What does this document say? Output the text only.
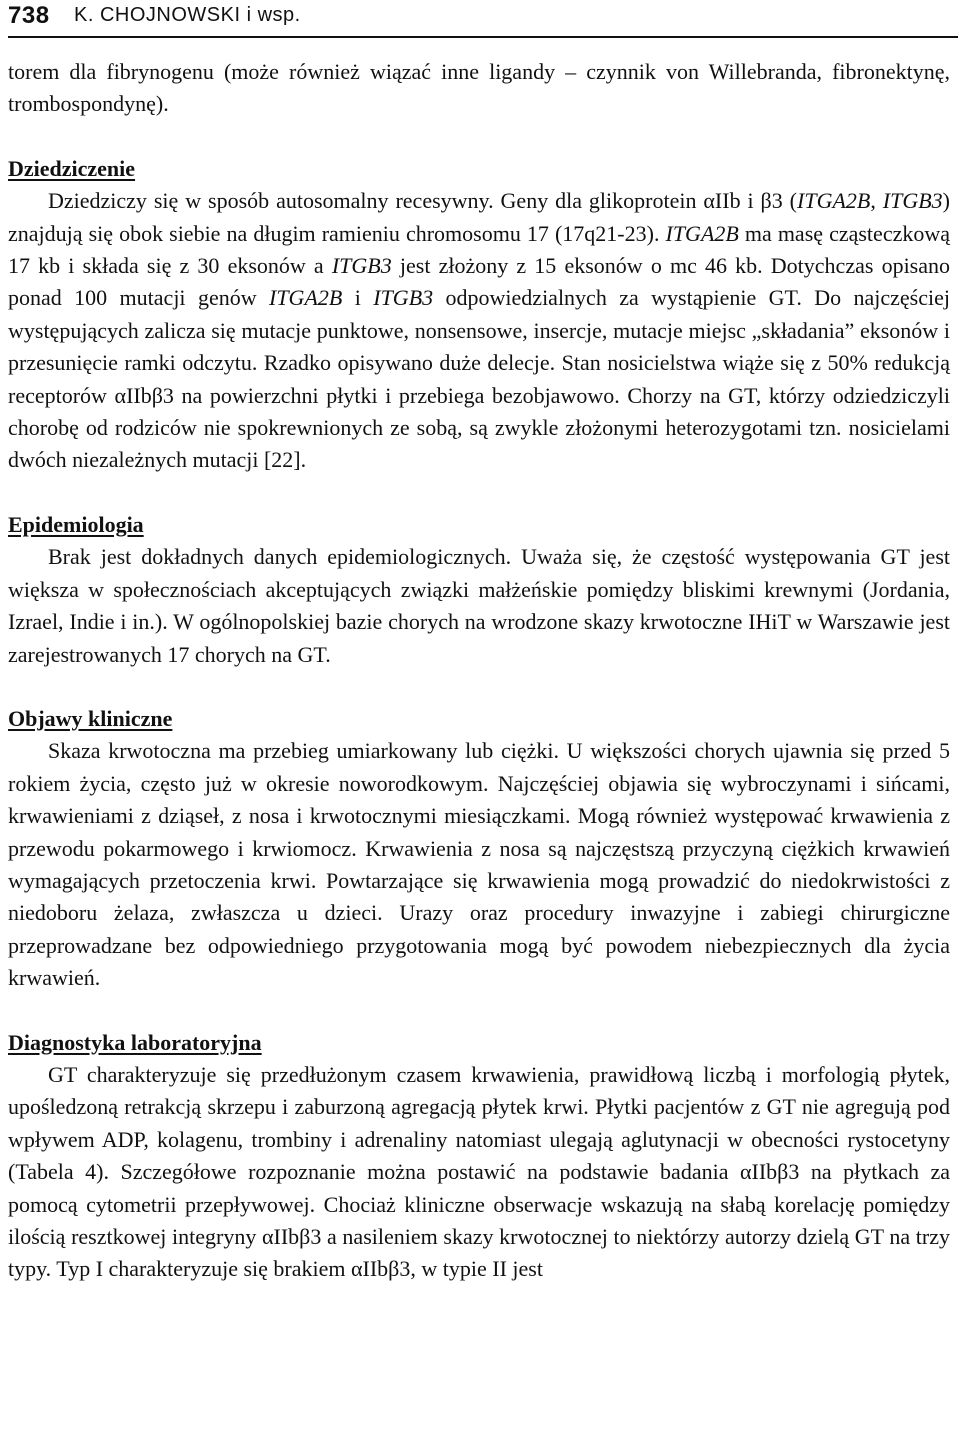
738 K. CHOJNOWSKI i wsp.

torem dla fibrynogenu (może również wiązać inne ligandy – czynnik von Willebranda, fibronektynę, trombospondynę).

Dziedziczenie

Dziedziczy się w sposób autosomalny recesywny. Geny dla glikoprotein αIIb i β3 (ITGA2B, ITGB3) znajdują się obok siebie na długim ramieniu chromosomu 17 (17q21-23). ITGA2B ma masę cząsteczkową 17 kb i składa się z 30 eksonów a ITGB3 jest złożony z 15 eksonów o mc 46 kb. Dotychczas opisano ponad 100 mutacji genów ITGA2B i ITGB3 odpowiedzialnych za wystąpienie GT. Do najczęściej występujących zalicza się mutacje punktowe, nonsensowe, insercje, mutacje miejsc „składania” eksonów i przesunięcie ramki odczytu. Rzadko opisywano duże delecje. Stan nosicielstwa wiąże się z 50% redukcją receptorów αIIbβ3 na powierzchni płytki i przebiega bezobjawowo. Chorzy na GT, którzy odziedziczyli chorobę od rodziców nie spokrewnionych ze sobą, są zwykle złożonymi heterozygotami tzn. nosicielami dwóch niezależnych mutacji [22].

Epidemiologia

Brak jest dokładnych danych epidemiologicznych. Uważa się, że częstość występowania GT jest większa w społecznościach akceptujących związki małżeńskie pomiędzy bliskimi krewnymi (Jordania, Izrael, Indie i in.). W ogólnopolskiej bazie chorych na wrodzone skazy krwotoczne IHiT w Warszawie jest zarejestrowanych 17 chorych na GT.

Objawy kliniczne

Skaza krwotoczna ma przebieg umiarkowany lub ciężki. U większości chorych ujawnia się przed 5 rokiem życia, często już w okresie noworodkowym. Najczęściej objawia się wybroczynami i sińcami, krwawieniami z dziąseł, z nosa i krwotocznymi miesiączkami. Mogą również występować krwawienia z przewodu pokarmowego i krwiomocz. Krwawienia z nosa są najczęstszą przyczyną ciężkich krwawień wymagających przetoczenia krwi. Powtarzające się krwawienia mogą prowadzić do niedokrwistości z niedoboru żelaza, zwłaszcza u dzieci. Urazy oraz procedury inwazyjne i zabiegi chirurgiczne przeprowadzane bez odpowiedniego przygotowania mogą być powodem niebezpiecznych dla życia krwawień.

Diagnostyka laboratoryjna

GT charakteryzuje się przedłużonym czasem krwawienia, prawidłową liczbą i morfologią płytek, upośledzoną retrakcją skrzepu i zaburzoną agregacją płytek krwi. Płytki pacjentów z GT nie agregują pod wpływem ADP, kolagenu, trombiny i adrenaliny natomiast ulegają aglutynacji w obecności rystocetyny (Tabela 4). Szczegółowe rozpoznanie można postawić na podstawie badania αIIbβ3 na płytkach za pomocą cytometrii przepływowej. Chociaż kliniczne obserwacje wskazują na słabą korelację pomiędzy ilością resztkowej integryny αIIbβ3 a nasileniem skazy krwotocznej to niektórzy autorzy dzielą GT na trzy typy. Typ I charakteryzuje się brakiem αIIbβ3, w typie II jest
